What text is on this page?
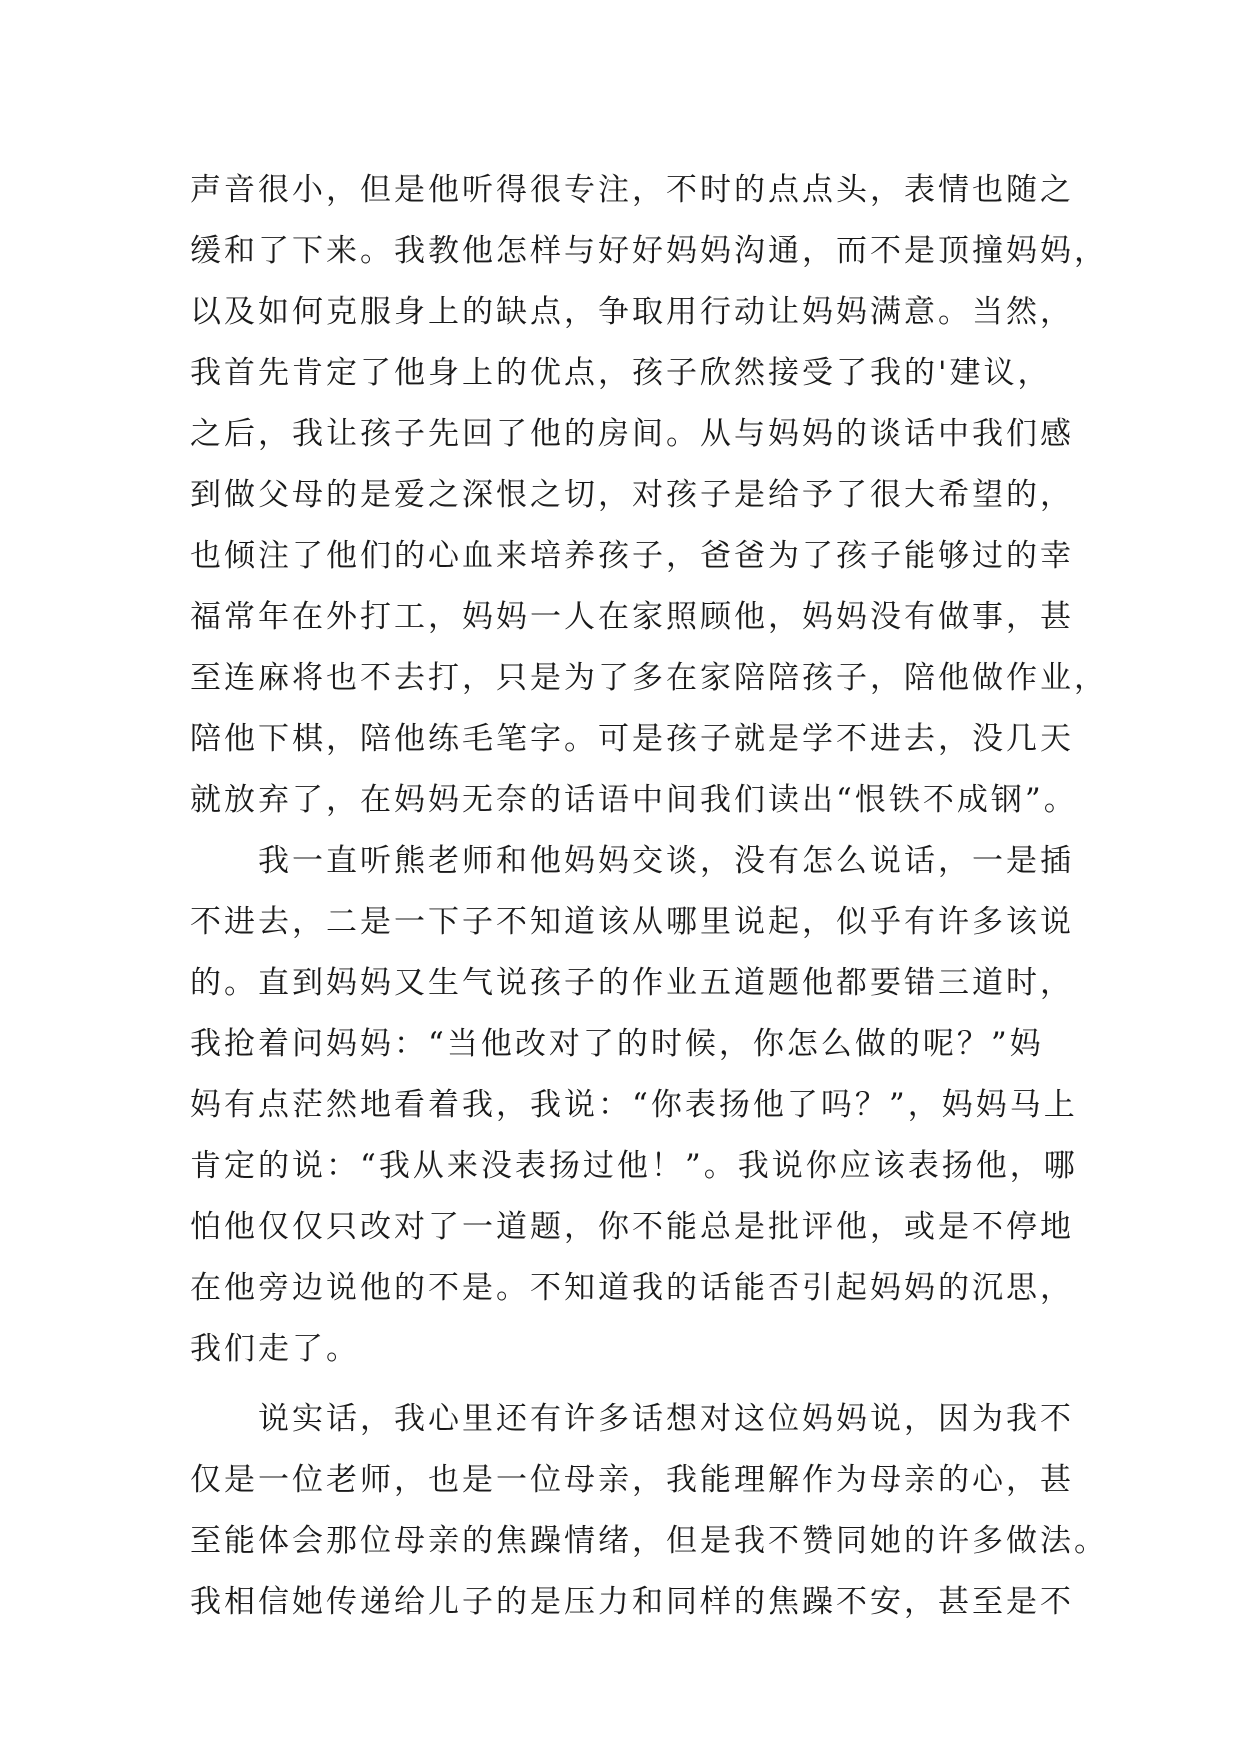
声音很小，但是他听得很专注，不时的点点头，表情也随之
缓和了下来。我教他怎样与好好妈妈沟通，而不是顶撞妈妈，
以及如何克服身上的缺点，争取用行动让妈妈满意。当然，
我首先肯定了他身上的优点，孩子欣然接受了我的'建议，
之后，我让孩子先回了他的房间。从与妈妈的谈话中我们感
到做父母的是爱之深恨之切，对孩子是给予了很大希望的，
也倾注了他们的心血来培养孩子，爸爸为了孩子能够过的幸
福常年在外打工，妈妈一人在家照顾他，妈妈没有做事，甚
至连麻将也不去打，只是为了多在家陪陪孩子，陪他做作业，
陪他下棋，陪他练毛笔字。可是孩子就是学不进去，没几天
就放弃了，在妈妈无奈的话语中间我们读出“恨铁不成钢”。
　　我一直听熊老师和他妈妈交谈，没有怎么说话，一是插
不进去，二是一下子不知道该从哪里说起，似乎有许多该说
的。直到妈妈又生气说孩子的作业五道题他都要错三道时，
我抢着问妈妈：“当他改对了的时候，你怎么做的呢？”妈
妈有点茫然地看着我，我说：“你表扬他了吗？”，妈妈马上
肯定的说：“我从来没表扬过他！”。我说你应该表扬他，哪
怕他仅仅只改对了一道题，你不能总是批评他，或是不停地
在他旁边说他的不是。不知道我的话能否引起妈妈的沉思，
我们走了。
　　说实话，我心里还有许多话想对这位妈妈说，因为我不
仅是一位老师，也是一位母亲，我能理解作为母亲的心，甚
至能体会那位母亲的焦躁情绪，但是我不赞同她的许多做法。
我相信她传递给儿子的是压力和同样的焦躁不安，甚至是不
